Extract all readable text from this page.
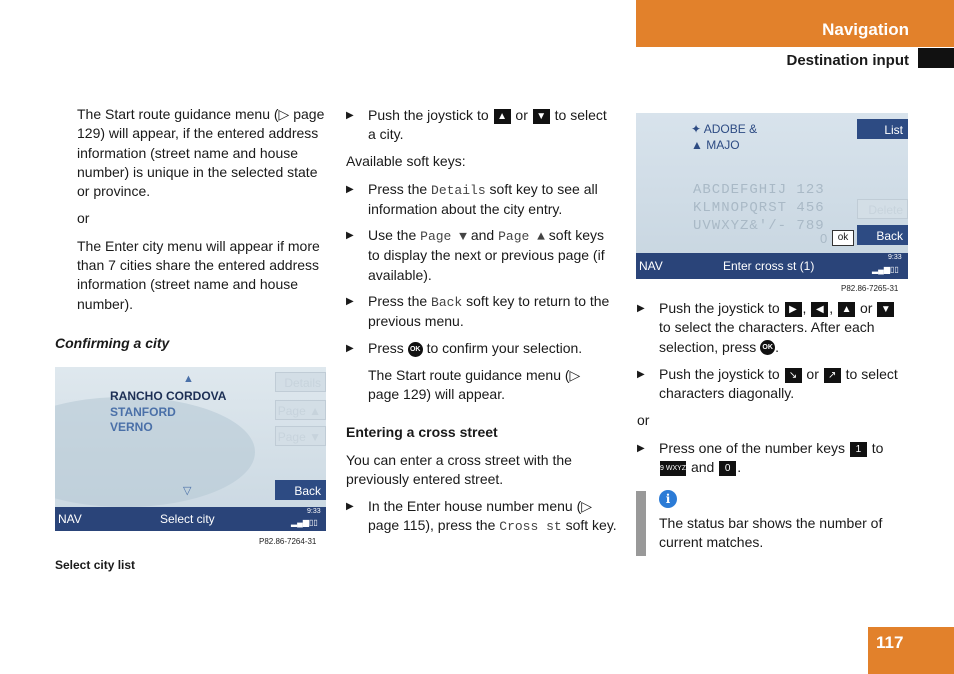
Navigation
Destination input

The Start route guidance menu (▷ page 129) will appear, if the entered address information (street name and house number) is unique in the selected state or province.

or

The Enter city menu will appear if more than 7 cities share the entered address information (street name and house number).

Confirming a city
▲
RANCHO CORDOVA
STANFORD
VERNO
▽
Details
Page ▲
Page ▼
Back
NAV	Select city
9:33
▂▄▆▯▯
P82.86-7264-31
Select city list
▶ Push the joystick to ▲ or ▼ to select a city.

Available soft keys:

▶ Press the Details soft key to see all information about the city entry.

▶ Use the Page ▼ and Page ▲ soft keys to display the next or previous page (if available).

▶ Press the Back soft key to return to the previous menu.

▶ Press OK to confirm your selection.

The Start route guidance menu (▷ page 129) will appear.

Entering a cross street

You can enter a cross street with the previously entered street.

▶ In the Enter house number menu (▷ page 115), press the Cross st soft key.

✦ ADOBE &
▲ MAJO
ABCDEFGHIJ 123
KLMNOPQRST 456
UVWXYZ&'/- 789
0	ok
List
Delete
Back
NAV	Enter cross st (1)
9:33
▂▄▆▯▯
P82.86-7265-31
▶ Push the joystick to ▶ , ◀ , ▲ or ▼ to select the characters. After each selection, press OK .

▶ Push the joystick to ↘ or ↗ to select characters diagonally.

or

▶ Press one of the number keys 1 to 9 WXYZ and 0 .

i

The status bar shows the number of current matches.

117
